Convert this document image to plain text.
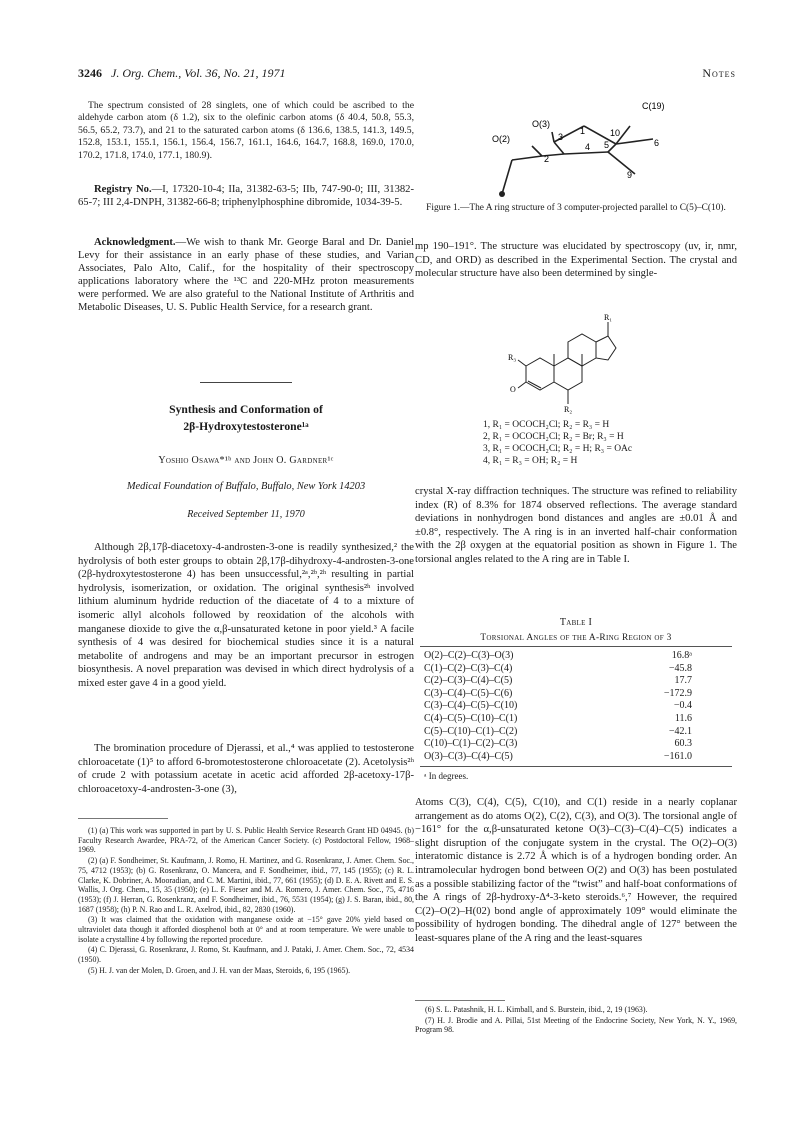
3246 J. Org. Chem., Vol. 36, No. 21, 1971	Notes

The spectrum consisted of 28 singlets, one of which could be ascribed to the aldehyde carbon atom (δ 1.2), six to the olefinic carbon atoms (δ 40.4, 50.8, 55.3, 56.5, 65.2, 73.7), and 21 to the saturated carbon atoms (δ 136.6, 138.5, 141.3, 149.5, 152.8, 153.1, 155.1, 156.1, 156.4, 156.7, 161.1, 164.6, 164.7, 168.8, 169.0, 170.0, 170.2, 171.8, 174.0, 177.1, 180.9).

Registry No.—I, 17320-10-4; IIa, 31382-63-5; IIb, 747-90-0; III, 31382-65-7; III 2,4-DNPH, 31382-66-8; triphenylphosphine dibromide, 1034-39-5.

Acknowledgment.—We wish to thank Mr. George Baral and Dr. Daniel Levy for their assistance in an early phase of these studies, and Varian Associates, Palo Alto, Calif., for the hospitality of their spectroscopy applications laboratory where the ¹³C and 220-MHz proton measurements were performed. We are also grateful to the National Institute of Arthritis and Metabolic Diseases, U. S. Public Health Service, for a research grant.

Synthesis and Conformation of

2β-Hydroxytestosterone¹ᵃ

Yoshio Osawa*¹ᵇ and John O. Gardner¹ᶜ
Medical Foundation of Buffalo, Buffalo, New York 14203
Received September 11, 1970

Although 2β,17β-diacetoxy-4-androsten-3-one is readily synthesized,² the hydrolysis of both ester groups to obtain 2β,17β-dihydroxy-4-androsten-3-one (2β-hydroxytestosterone 4) has been unsuccessful,²ᵃ,²ᵇ,²ʰ resulting in partial hydrolysis, isomerization, or oxidation. The original synthesis²ʰ involved lithium aluminum hydride reduction of the diacetate of 4 to a mixture of isomeric allyl alcohols followed by reoxidation of the alcohols with manganese dioxide to give the α,β-unsaturated ketone in poor yield.³ A facile synthesis of 4 was desired for biochemical studies since it is a natural metabolite of androgens and may be an important precursor in estrogen biosynthesis. A novel preparation was devised in which direct hydrolysis of a mixed ester gave 4 in a good yield.

The bromination procedure of Djerassi, et al.,⁴ was applied to testosterone chloroacetate (1)⁵ to afford 6-bromotestosterone chloroacetate (2). Acetolysis²ʰ of crude 2 with potassium acetate in acetic acid afforded 2β-acetoxy-17β-chloroacetoxy-4-androsten-3-one (3),

(1) (a) This work was supported in part by U. S. Public Health Service Research Grant HD 04945. (b) Faculty Research Awardee, PRA-72, of the American Cancer Society. (c) Postdoctoral Fellow, 1968–1969.

(2) (a) F. Sondheimer, St. Kaufmann, J. Romo, H. Martinez, and G. Rosenkranz, J. Amer. Chem. Soc., 75, 4712 (1953); (b) G. Rosenkranz, O. Mancera, and F. Sondheimer, ibid., 77, 145 (1955); (c) R. L. Clarke, K. Dobriner, A. Mooradian, and C. M. Martini, ibid., 77, 661 (1955); (d) D. E. A. Rivett and E. S. Wallis, J. Org. Chem., 15, 35 (1950); (e) L. F. Fieser and M. A. Romero, J. Amer. Chem. Soc., 75, 4716 (1953); (f) J. Herran, G. Rosenkranz, and F. Sondheimer, ibid., 76, 5531 (1954); (g) J. S. Baran, ibid., 80, 1687 (1958); (h) P. N. Rao and L. R. Axelrod, ibid., 82, 2830 (1960).

(3) It was claimed that the oxidation with manganese oxide at −15° gave 20% yield based on ultraviolet data though it afforded diosphenol both at 0° and at room temperature. We were unable to isolate a crystalline 4 by following the reported procedure.

(4) C. Djerassi, G. Rosenkranz, J. Romo, St. Kaufmann, and J. Pataki, J. Amer. Chem. Soc., 72, 4534 (1950).

(5) H. J. van der Molen, D. Groen, and J. H. van der Maas, Steroids, 6, 195 (1965).

C(19)
O(3)
O(2)
1
2
3
4 5	6
9
10
Figure 1.—The A ring structure of 3 computer-projected parallel to C(5)–C(10).

mp 190–191°. The structure was elucidated by spectroscopy (uv, ir, nmr, CD, and ORD) as described in the Experimental Section. The crystal and molecular structure have also been determined by single-

R₁
R₃
O
R₂

1, R₁ = OCOCH₂Cl; R₂ = R₃ = H

2, R₁ = OCOCH₂Cl; R₂ = Br; R₃ = H

3, R₁ = OCOCH₂Cl; R₂ = H; R₃ = OAc

4, R₁ = R₃ = OH; R₂ = H

crystal X-ray diffraction techniques. The structure was refined to reliability index (R) of 8.3% for 1874 observed reflections. The average standard deviations in nonhydrogen bond distances and angles are ±0.01 Å and ±0.8°, respectively. The A ring is in an inverted half-chair conformation with the 2β oxygen at the equatorial position as shown in Figure 1. The torsional angles related to the A ring are in Table I.

Table I
Torsional Angles of the A-Ring Region of 3
O(2)–C(2)–C(3)–O(3)	16.8ᵃ
C(1)–C(2)–C(3)–C(4)	−45.8
C(2)–C(3)–C(4)–C(5)	17.7
C(3)–C(4)–C(5)–C(6)	−172.9
C(3)–C(4)–C(5)–C(10)	−0.4
C(4)–C(5)–C(10)–C(1)	11.6
C(5)–C(10)–C(1)–C(2)	−42.1
C(10)–C(1)–C(2)–C(3)	60.3
O(3)–C(3)–C(4)–C(5)	−161.0
ᵃ In degrees.

Atoms C(3), C(4), C(5), C(10), and C(1) reside in a nearly coplanar arrangement as do atoms O(2), C(2), C(3), and O(3). The torsional angle of −161° for the α,β-unsaturated ketone O(3)–C(3)–C(4)–C(5) indicates a slight disruption of the conjugate system in the crystal. The O(2)–O(3) interatomic distance is 2.72 Å which is of a hydrogen bonding order. An intramolecular hydrogen bond between O(2) and O(3) has been postulated as a possible stabilizing factor of the “twist” and half-boat conformations of the A rings of 2β-hydroxy-Δ⁴-3-keto steroids.⁶,⁷ However, the required C(2)–O(2)–H(02) bond angle of approximately 109° would eliminate the possibility of hydrogen bonding. The dihedral angle of 127° between the least-squares plane of the A ring and the least-squares

(6) S. L. Patashnik, H. L. Kimball, and S. Burstein, ibid., 2, 19 (1963).

(7) H. J. Brodie and A. Pillai, 51st Meeting of the Endocrine Society, New York, N. Y., 1969, Program 98.
